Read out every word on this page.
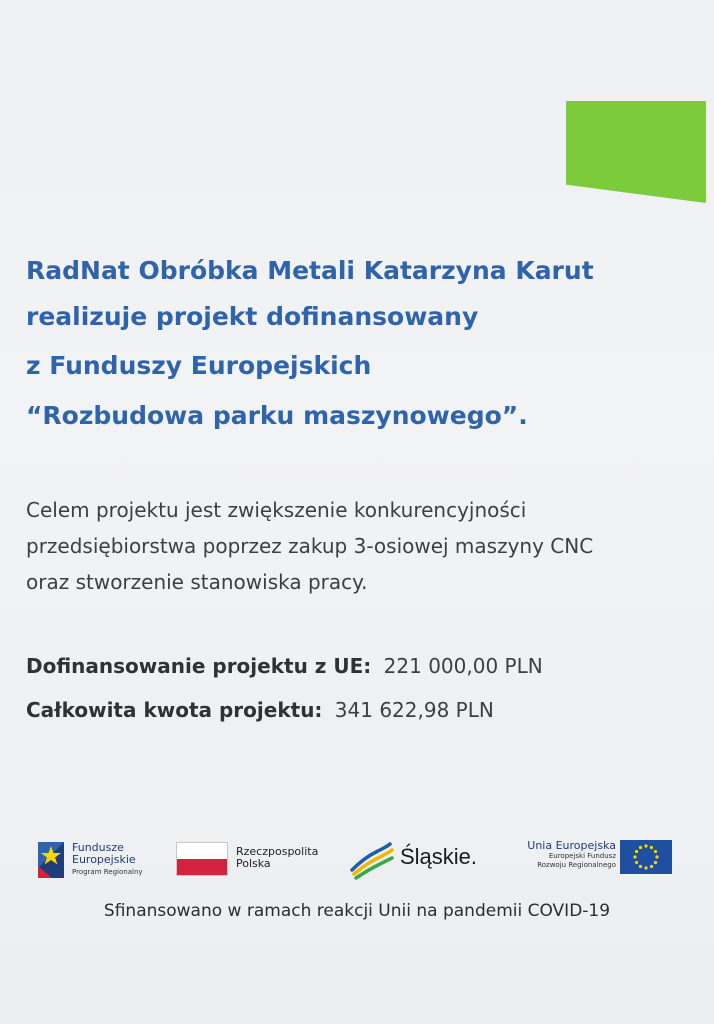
RadNat Obróbka Metali Katarzyna Karut
realizuje projekt dofinansowany
z Funduszy Europejskich
“Rozbudowa parku maszynowego”.
Celem projektu jest zwiększenie konkurencyjności
przedsiębiorstwa poprzez zakup 3-osiowej maszyny CNC
oraz stworzenie stanowiska pracy.
Dofinansowanie projektu z UE: 221 000,00 PLN
Całkowita kwota projektu: 341 622,98 PLN
Fundusze
Europejskie
Program Regionalny
Rzeczpospolita
Polska	Śląskie.	Unia Europejska
Europejski Fundusz
Rozwoju Regionalnego
Sfinansowano w ramach reakcji Unii na pandemii COVID-19
